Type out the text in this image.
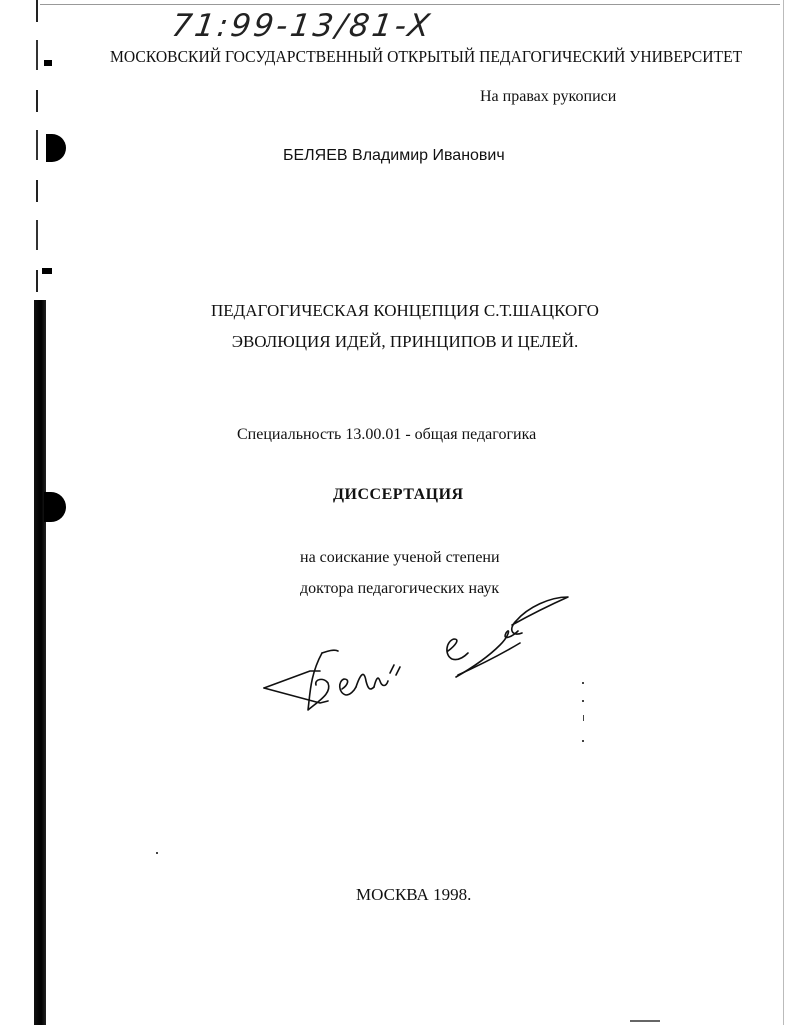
71:99-13/81-X
МОСКОВСКИЙ ГОСУДАРСТВЕННЫЙ ОТКРЫТЫЙ ПЕДАГОГИЧЕСКИЙ УНИВЕРСИТЕТ
На правах рукописи
БЕЛЯЕВ Владимир Иванович
ПЕДАГОГИЧЕСКАЯ КОНЦЕПЦИЯ С.Т.ШАЦКОГО
ЭВОЛЮЦИЯ ИДЕЙ, ПРИНЦИПОВ И ЦЕЛЕЙ.
Специальность 13.00.01 - общая педагогика
ДИССЕРТАЦИЯ
на соискание ученой степени
доктора педагогических наук
МОСКВА 1998.
